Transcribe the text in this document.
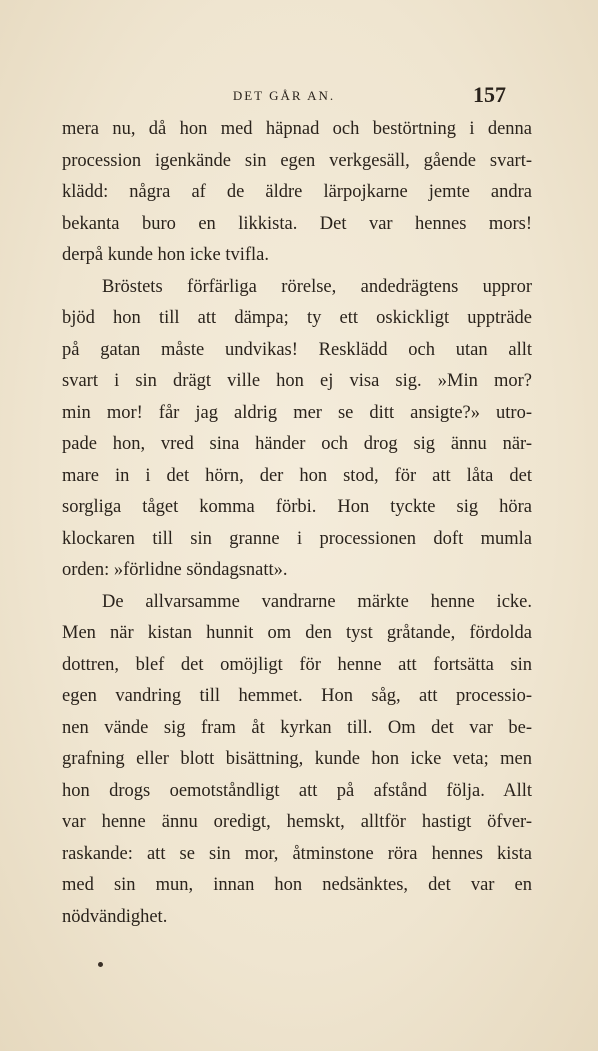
DET GÅR AN.	157
mera nu, då hon med häpnad och bestörtning i denna
procession igenkände sin egen verkgesäll, gående svart-
klädd: några af de äldre lärpojkarne jemte andra
bekanta buro en likkista. Det var hennes mors!
derpå kunde hon icke tvifla.
Bröstets förfärliga rörelse, andedrägtens uppror
bjöd hon till att dämpa; ty ett oskickligt uppträde
på gatan måste undvikas! Resklädd och utan allt
svart i sin drägt ville hon ej visa sig. »Min mor?
min mor! får jag aldrig mer se ditt ansigte?» utro-
pade hon, vred sina händer och drog sig ännu när-
mare in i det hörn, der hon stod, för att låta det
sorgliga tåget komma förbi. Hon tyckte sig höra
klockaren till sin granne i processionen doft mumla
orden: »förlidne söndagsnatt».
De allvarsamme vandrarne märkte henne icke.
Men när kistan hunnit om den tyst gråtande, fördolda
dottren, blef det omöjligt för henne att fortsätta sin
egen vandring till hemmet. Hon såg, att processio-
nen vände sig fram åt kyrkan till. Om det var be-
grafning eller blott bisättning, kunde hon icke veta; men
hon drogs oemotståndligt att på afstånd följa. Allt
var henne ännu oredigt, hemskt, alltför hastigt öfver-
raskande: att se sin mor, åtminstone röra hennes kista
med sin mun, innan hon nedsänktes, det var en
nödvändighet.
